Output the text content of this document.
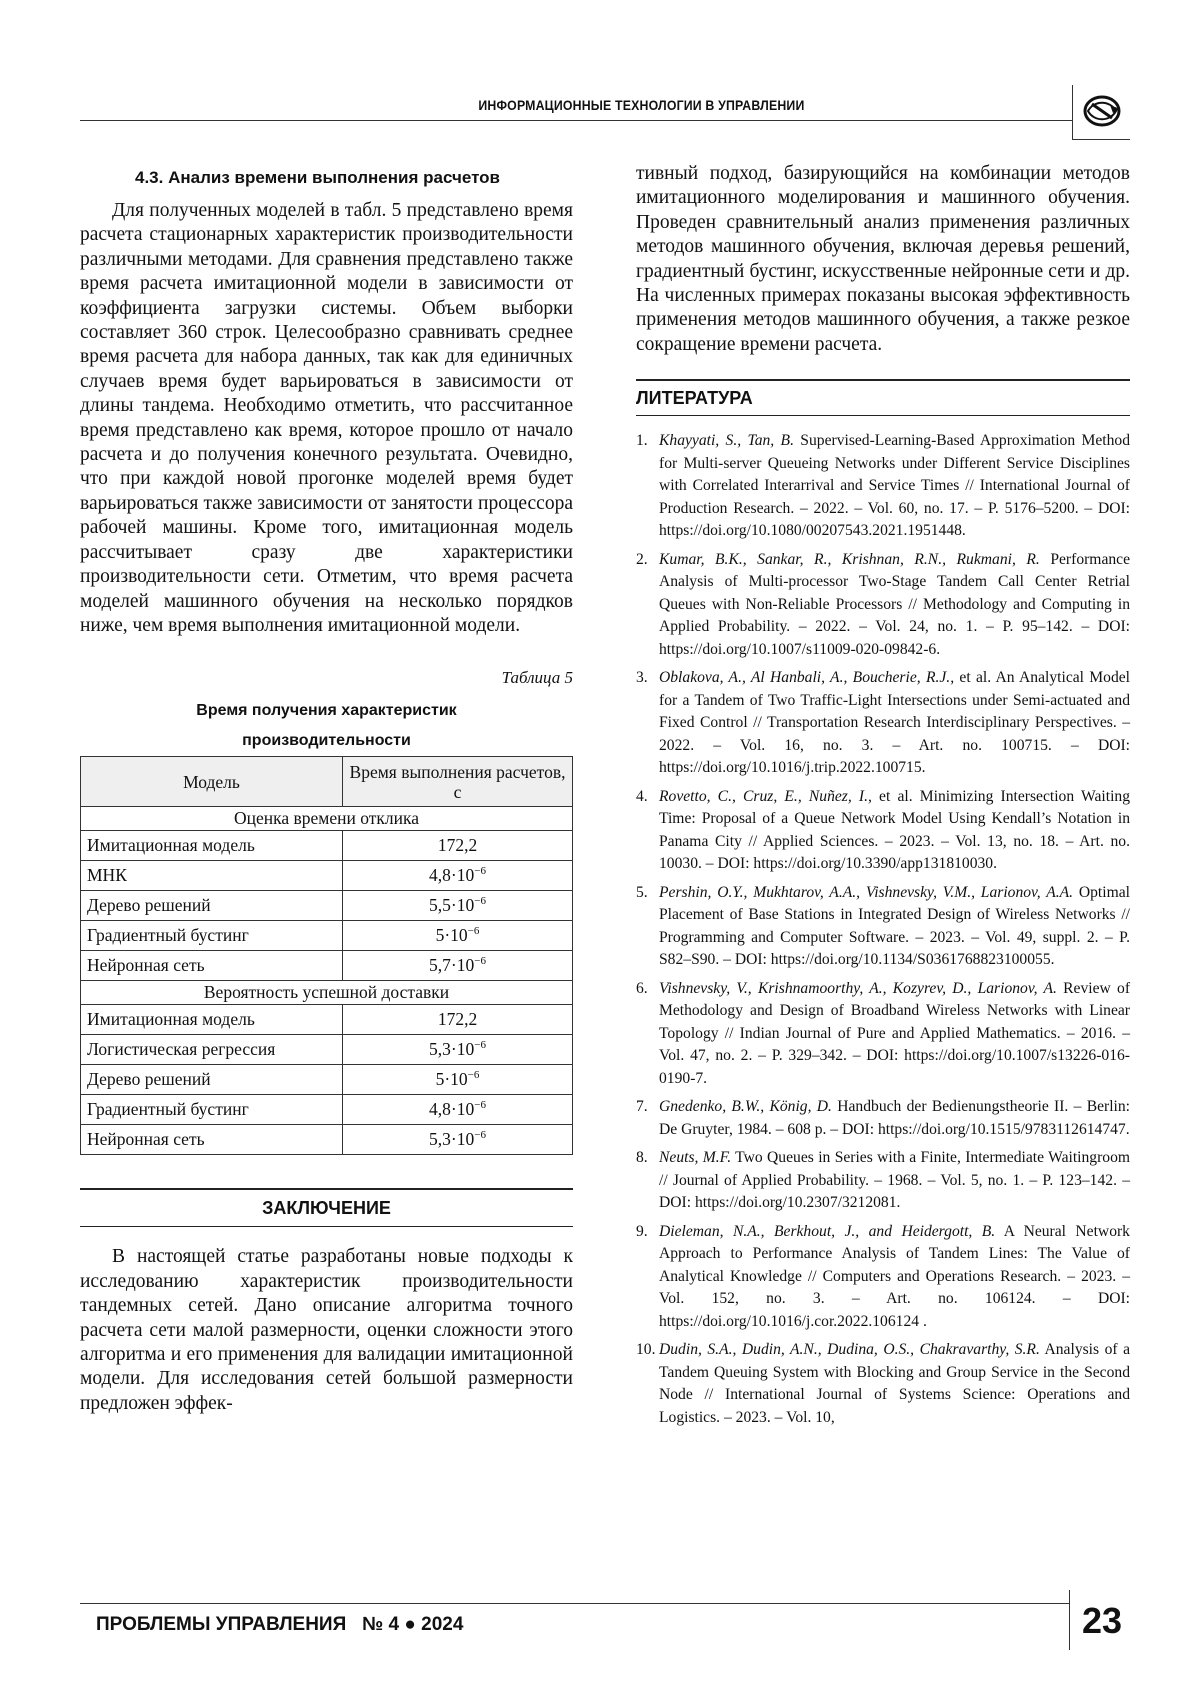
ИНФОРМАЦИОННЫЕ ТЕХНОЛОГИИ В УПРАВЛЕНИИ
4.3. Анализ времени выполнения расчетов
Для полученных моделей в табл. 5 представлено время расчета стационарных характеристик производительности различными методами. Для сравнения представлено также время расчета имитационной модели в зависимости от коэффициента загрузки системы. Объем выборки составляет 360 строк. Целесообразно сравнивать среднее время расчета для набора данных, так как для единичных случаев время будет варьироваться в зависимости от длины тандема. Необходимо отметить, что рассчитанное время представлено как время, которое прошло от начало расчета и до получения конечного результата. Очевидно, что при каждой новой прогонке моделей время будет варьироваться также зависимости от занятости процессора рабочей машины. Кроме того, имитационная модель рассчитывает сразу две характеристики производительности сети. Отметим, что время расчета моделей машинного обучения на несколько порядков ниже, чем время выполнения имитационной модели.
Таблица 5
Время получения характеристик
производительности
Модель	Время выполнения расчетов, с
Оценка времени отклика	
Имитационная модель	172,2
МНК	$4,8\cdot 10^{-6}$
Дерево решений	$5,5\cdot 10^{-6}$
Градиентный бустинг	$5\cdot 10^{-6}$
Нейронная сеть	$5,7\cdot 10^{-6}$
Вероятность успешной доставки	
Имитационная модель	172,2
Логистическая регрессия	$5,3\cdot 10^{-6}$
Дерево решений	$5\cdot 10^{-6}$
Градиентный бустинг	$4,8\cdot 10^{-6}$
Нейронная сеть	$5,3\cdot 10^{-6}$
ЗАКЛЮЧЕНИЕ
В настоящей статье разработаны новые подходы к исследованию характеристик производительности тандемных сетей. Дано описание алгоритма точного расчета сети малой размерности, оценки сложности этого алгоритма и его применения для валидации имитационной модели. Для исследования сетей большой размерности предложен эффек-
тивный подход, базирующийся на комбинации методов имитационного моделирования и машинного обучения. Проведен сравнительный анализ применения различных методов машинного обучения, включая деревья решений, градиентный бустинг, искусственные нейронные сети и др. На численных примерах показаны высокая эффективность применения методов машинного обучения, а также резкое сокращение времени расчета.
ЛИТЕРАТУРА
1. Khayyati, S., Tan, B. Supervised-Learning-Based Approximation Method for Multi-server Queueing Networks under Different Service Disciplines with Correlated Interarrival and Service Times // International Journal of Production Research. – 2022. – Vol. 60, no. 17. – P. 5176–5200. – DOI: https://doi.org/10.1080/00207543.2021.1951448.
2. Kumar, B.K., Sankar, R., Krishnan, R.N., Rukmani, R. Performance Analysis of Multi-processor Two-Stage Tandem Call Center Retrial Queues with Non-Reliable Processors // Methodology and Computing in Applied Probability. – 2022. – Vol. 24, no. 1. – P. 95–142. – DOI: https://doi.org/10.1007/s11009-020-09842-6.
3. Oblakova, A., Al Hanbali, A., Boucherie, R.J., et al. An Analytical Model for a Tandem of Two Traffic-Light Intersections under Semi-actuated and Fixed Control // Transportation Research Interdisciplinary Perspectives. – 2022. – Vol. 16, no. 3. – Art. no. 100715. – DOI: https://doi.org/10.1016/j.trip.2022.100715.
4. Rovetto, C., Cruz, E., Nuñez, I., et al. Minimizing Intersection Waiting Time: Proposal of a Queue Network Model Using Kendall’s Notation in Panama City // Applied Sciences. – 2023. – Vol. 13, no. 18. – Art. no. 10030. – DOI: https://doi.org/10.3390/app131810030.
5. Pershin, O.Y., Mukhtarov, A.A., Vishnevsky, V.M., Larionov, A.A. Optimal Placement of Base Stations in Integrated Design of Wireless Networks // Programming and Computer Software. – 2023. – Vol. 49, suppl. 2. – P. S82–S90. – DOI: https://doi.org/10.1134/S0361768823100055.
6. Vishnevsky, V., Krishnamoorthy, A., Kozyrev, D., Larionov, A. Review of Methodology and Design of Broadband Wireless Networks with Linear Topology // Indian Journal of Pure and Applied Mathematics. – 2016. – Vol. 47, no. 2. – P. 329–342. – DOI: https://doi.org/10.1007/s13226-016-0190-7.
7. Gnedenko, B.W., König, D. Handbuch der Bedienungstheorie II. – Berlin: De Gruyter, 1984. – 608 p. – DOI: https://doi.org/10.1515/9783112614747.
8. Neuts, M.F. Two Queues in Series with a Finite, Intermediate Waitingroom // Journal of Applied Probability. – 1968. – Vol. 5, no. 1. – P. 123–142. – DOI: https://doi.org/10.2307/3212081.
9. Dieleman, N.A., Berkhout, J., and Heidergott, B. A Neural Network Approach to Performance Analysis of Tandem Lines: The Value of Analytical Knowledge // Computers and Operations Research. – 2023. – Vol. 152, no. 3. – Art. no. 106124. – DOI: https://doi.org/10.1016/j.cor.2022.106124 .
10. Dudin, S.A., Dudin, A.N., Dudina, O.S., Chakravarthy, S.R. Analysis of a Tandem Queuing System with Blocking and Group Service in the Second Node // International Journal of Systems Science: Operations and Logistics. – 2023. – Vol. 10,
ПРОБЛЕМЫ УПРАВЛЕНИЯ   № 4 ● 2024	23
